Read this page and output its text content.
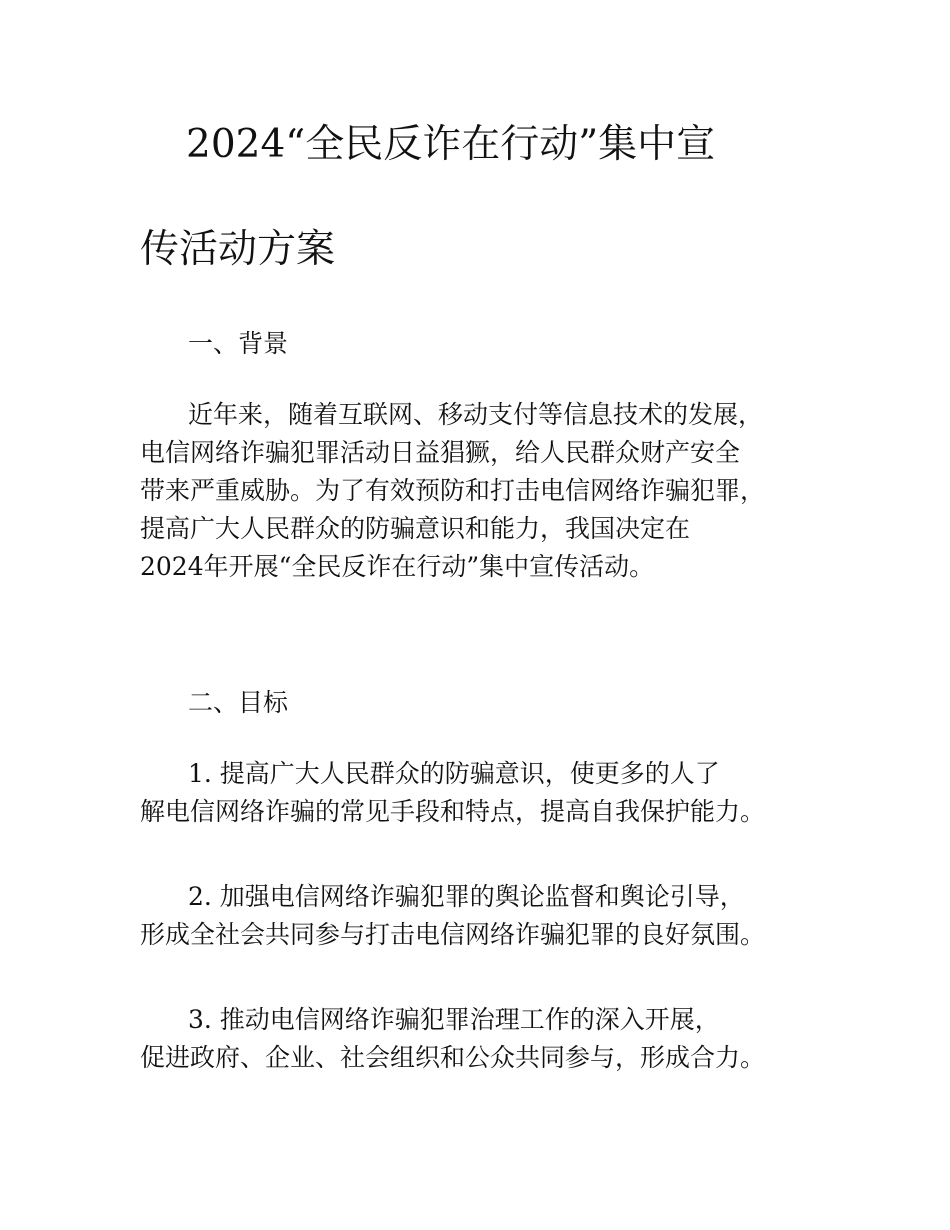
2024“全民反诈在行动”集中宣
传活动方案

一、背景

近年来，随着互联网、移动支付等信息技术的发展，
电信网络诈骗犯罪活动日益猖獗，给人民群众财产安全
带来严重威胁。为了有效预防和打击电信网络诈骗犯罪，
提高广大人民群众的防骗意识和能力，我国决定在
2024年开展“全民反诈在行动”集中宣传活动。

二、目标

1. 提高广大人民群众的防骗意识，使更多的人了
解电信网络诈骗的常见手段和特点，提高自我保护能力。
2. 加强电信网络诈骗犯罪的舆论监督和舆论引导，
形成全社会共同参与打击电信网络诈骗犯罪的良好氛围。
3. 推动电信网络诈骗犯罪治理工作的深入开展，
促进政府、企业、社会组织和公众共同参与，形成合力。
